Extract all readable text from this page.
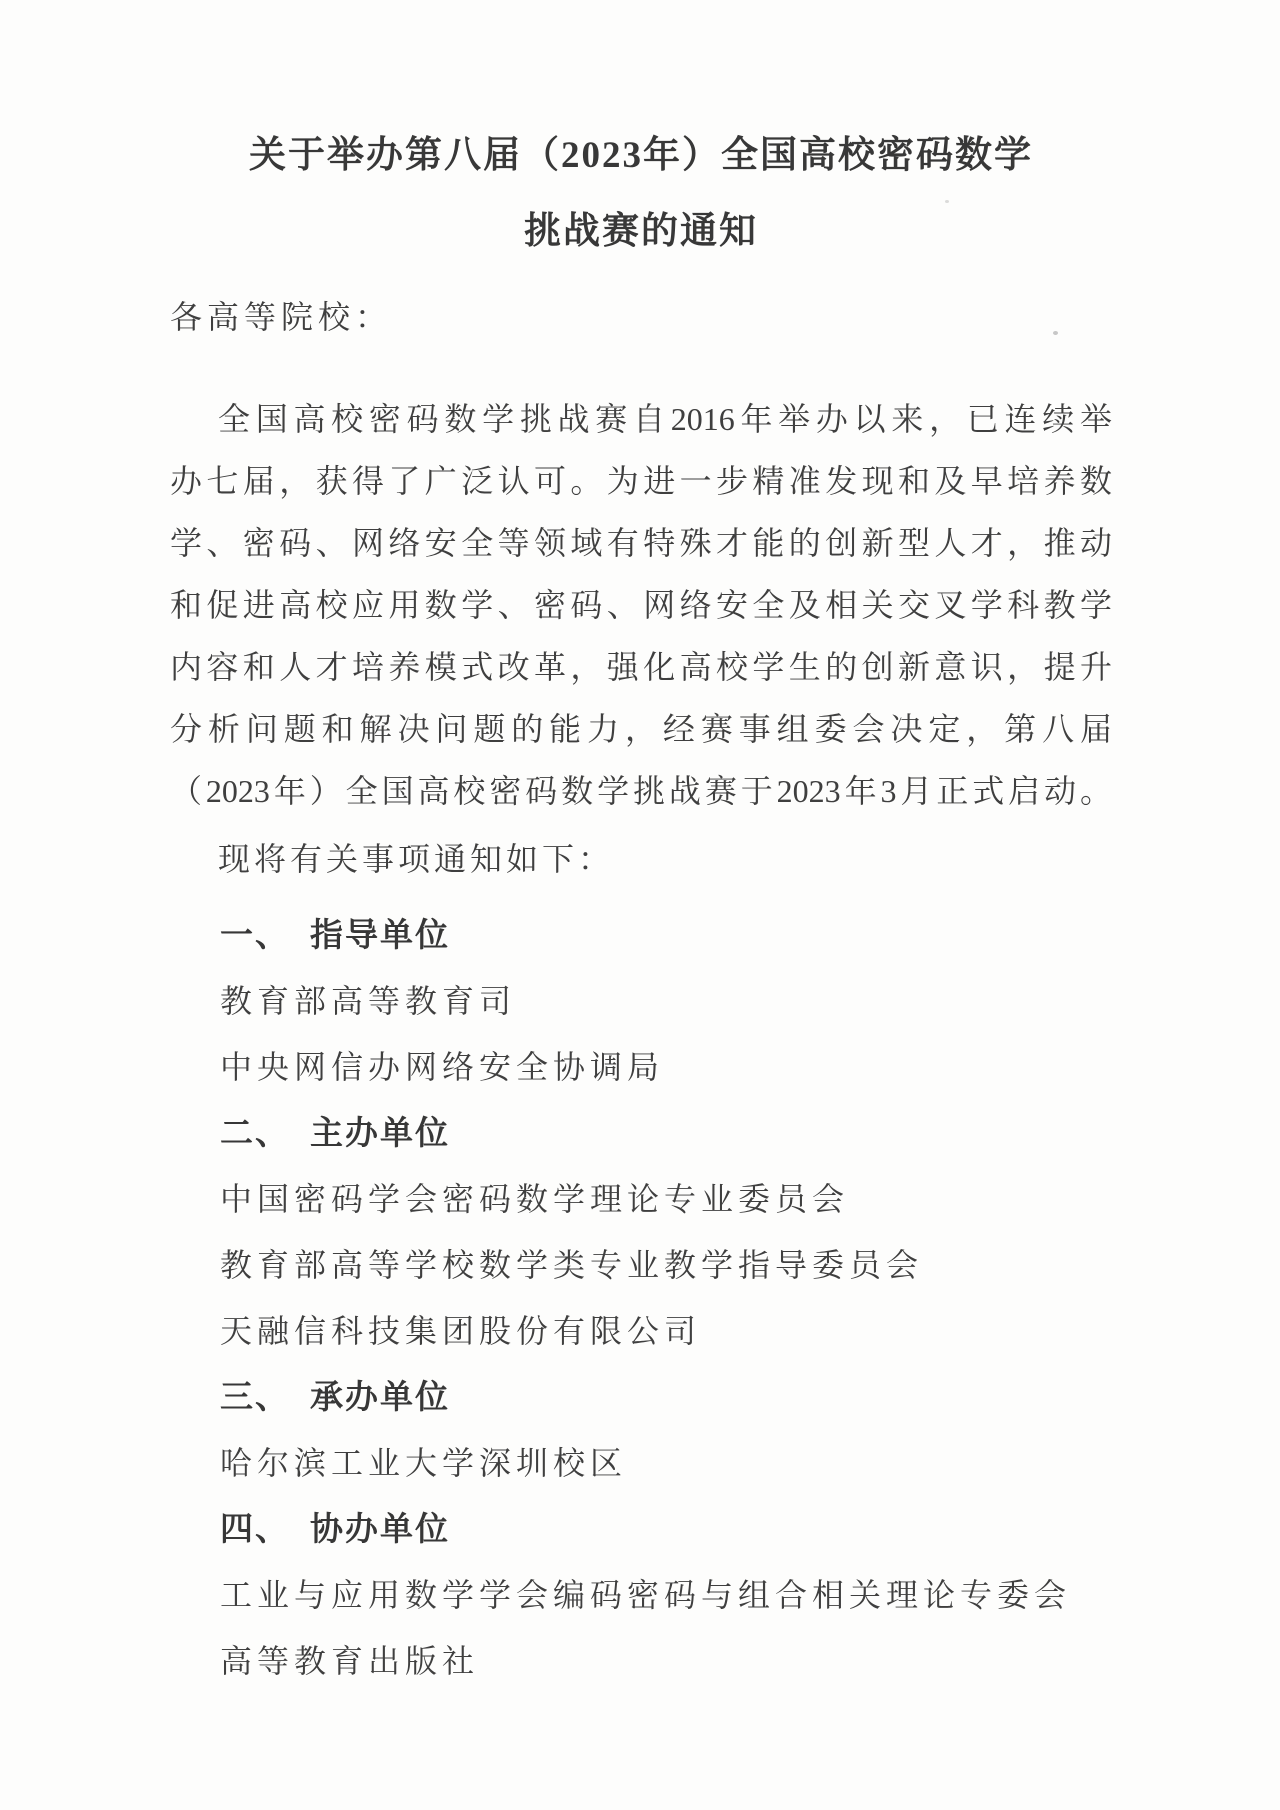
关于举办第八届（2023年）全国高校密码数学
挑战赛的通知
各高等院校：
全国高校密码数学挑战赛自2016年举办以来，已连续举
办七届，获得了广泛认可。为进一步精准发现和及早培养数
学、密码、网络安全等领域有特殊才能的创新型人才，推动
和促进高校应用数学、密码、网络安全及相关交叉学科教学
内容和人才培养模式改革，强化高校学生的创新意识，提升
分析问题和解决问题的能力，经赛事组委会决定，第八届
（2023年）全国高校密码数学挑战赛于2023年3月正式启动。
现将有关事项通知如下：
一、 指导单位
教育部高等教育司
中央网信办网络安全协调局
二、 主办单位
中国密码学会密码数学理论专业委员会
教育部高等学校数学类专业教学指导委员会
天融信科技集团股份有限公司
三、 承办单位
哈尔滨工业大学深圳校区
四、 协办单位
工业与应用数学学会编码密码与组合相关理论专委会
高等教育出版社
